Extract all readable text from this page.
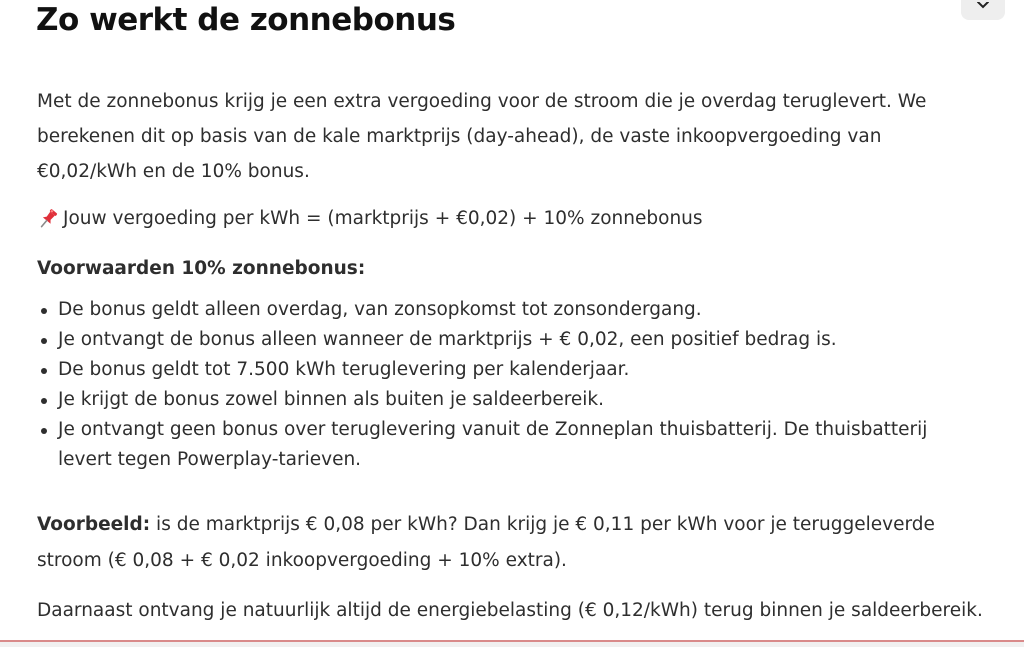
Zo werkt de zonnebonus

Met de zonnebonus krijg je een extra vergoeding voor de stroom die je overdag teruglevert. We berekenen dit op basis van de kale marktprijs (day-ahead), de vaste inkoopvergoeding van €0,02/kWh en de 10% bonus.

Jouw vergoeding per kWh = (marktprijs + €0,02) + 10% zonnebonus

Voorwaarden 10% zonnebonus:

De bonus geldt alleen overdag, van zonsopkomst tot zonsondergang.
Je ontvangt de bonus alleen wanneer de marktprijs + € 0,02, een positief bedrag is.
De bonus geldt tot 7.500 kWh teruglevering per kalenderjaar.
Je krijgt de bonus zowel binnen als buiten je saldeerbereik.
Je ontvangt geen bonus over teruglevering vanuit de Zonneplan thuisbatterij. De thuisbatterij levert tegen Powerplay-tarieven.

Voorbeeld: is de marktprijs € 0,08 per kWh? Dan krijg je € 0,11 per kWh voor je teruggeleverde stroom (€ 0,08 + € 0,02 inkoopvergoeding + 10% extra).

Daarnaast ontvang je natuurlijk altijd de energiebelasting (€ 0,12/kWh) terug binnen je saldeerbereik.
